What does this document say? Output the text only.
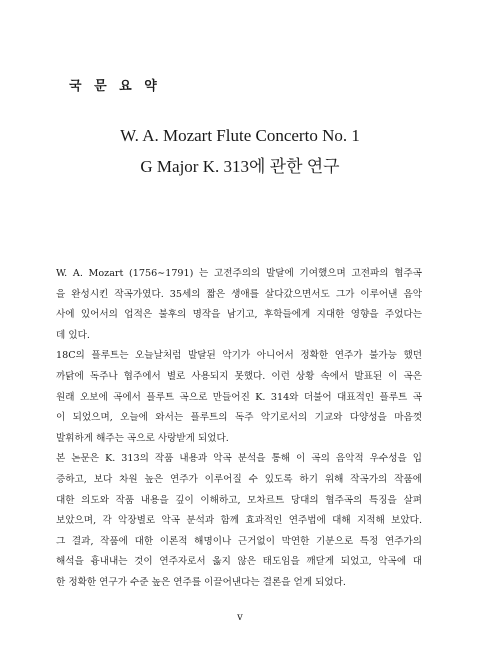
국 문 요 약
W. A. Mozart Flute Concerto No. 1
G Major K. 313에 관한 연구
W. A. Mozart (1756∼1791) 는 고전주의의 발달에 기여했으며 고전파의 협주곡
을 완성시킨 작곡가였다. 35세의 짧은 생애를 살다갔으면서도 그가 이루어낸 음악
사에 있어서의 업적은 불후의 명작을 남기고, 후학들에게 지대한 영향을 주었다는
데 있다.
18C의 플루트는 오늘날처럼 발달된 악기가 아니어서 정확한 연주가 불가능 했던
까닭에 독주나 협주에서 별로 사용되지 못했다. 이런 상황 속에서 발표된 이 곡은
원래 오보에 곡에서 플루트 곡으로 만들어진 K. 314와 더불어 대표적인 플루트 곡
이 되었으며, 오늘에 와서는 플루트의 독주 악기로서의 기교와 다양성을 마음껏
발휘하게 해주는 곡으로 사랑받게 되었다.
본 논문은 K. 313의 작품 내용과 악곡 분석을 통해 이 곡의 음악적 우수성을 입
증하고, 보다 차원 높은 연주가 이루어질 수 있도록 하기 위해 작곡가의 작품에
대한 의도와 작품 내용을 깊이 이해하고, 모차르트 당대의 협주곡의 특징을 살펴
보았으며, 각 악장별로 악곡 분석과 함께 효과적인 연주법에 대해 지적해 보았다.
그 결과, 작품에 대한 이론적 해명이나 근거없이 막연한 기분으로 특정 연주가의
해석을 흉내내는 것이 연주자로서 옳지 않은 태도임을 깨닫게 되었고, 악곡에 대
한 정확한 연구가 수준 높은 연주를 이끌어낸다는 결론을 얻게 되었다.
v
